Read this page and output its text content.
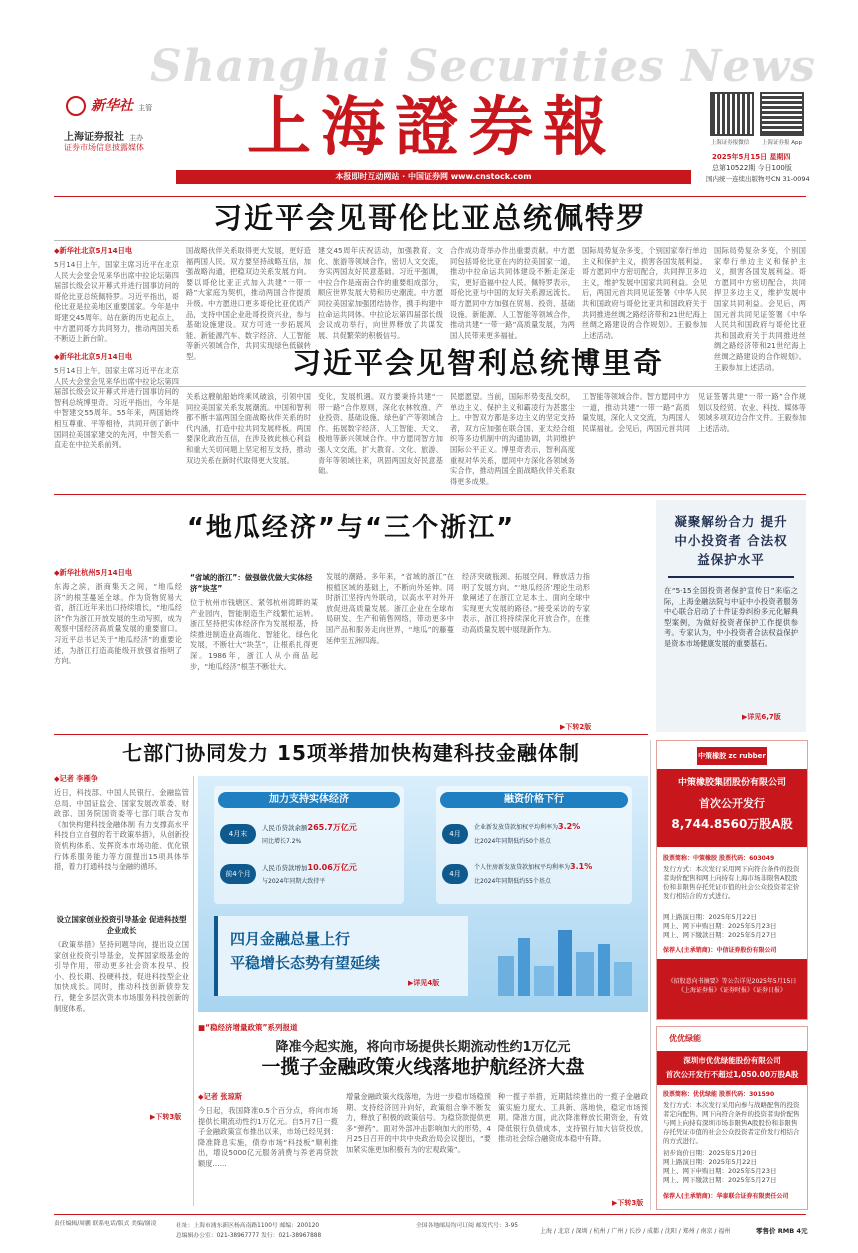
Shanghai Securities News
上海證券報
新华社 主管
上海证券报社 主办
证券市场信息披露媒体	上海证券报微信	上海证券报 App
2025年5月15日 星期四
总第10522期 今日100版
国内统一连续出版物号CN 31-0094
本报即时互动网站 · 中国证券网 www.cnstock.com
习近平会见哥伦比亚总统佩特罗
◆新华社北京5月14日电
5月14日上午，国家主席习近平在北京人民大会堂会见来华出席中拉论坛第四届部长级会议开幕式并进行国事访问的哥伦比亚总统佩特罗。习近平指出，哥伦比亚是拉美地区重要国家。今年是中哥建交45周年。站在新的历史起点上，中方愿同哥方共同努力，推动两国关系不断迈上新台阶。
国战略伙伴关系取得更大发展，更好造福两国人民。双方要坚持战略互信，加强战略沟通，把稳双边关系发展方向。要以哥伦比亚正式加入共建“一带一路”大家庭为契机，推动两国合作提质升级。中方愿进口更多哥伦比亚优质产品，支持中国企业赴哥投资兴业，参与基础设施建设。双方可进一步拓展风能、新能源汽车、数字经济、人工智能等新兴领域合作，共同实现绿色低碳转型。
建交45周年庆祝活动，加强教育、文化、旅游等领域合作，密切人文交流，夯实两国友好民意基础。习近平强调，中拉合作是南南合作的重要组成部分，顺应世界发展大势和历史潮流。中方愿同拉美国家加强团结协作，携手构建中拉命运共同体。中拉论坛第四届部长级会议成功举行，向世界释放了共谋发展、共促繁荣的积极信号。
合作成功奇举办作出重要贡献。中方愿同包括哥伦比亚在内的拉美国家一道，推动中拉命运共同体建设不断走深走实，更好造福中拉人民。佩特罗表示，哥伦比亚与中国的友好关系源远流长。哥方愿同中方加强在贸易、投资、基础设施、新能源、人工智能等领域合作，推动共建“一带一路”高质量发展，为两国人民带来更多福祉。
国际局势复杂多变，个别国家奉行单边主义和保护主义，损害各国发展利益。哥方愿同中方密切配合，共同捍卫多边主义，维护发展中国家共同利益。会见后，两国元首共同见证签署《中华人民共和国政府与哥伦比亚共和国政府关于共同推进丝绸之路经济带和21世纪海上丝绸之路建设的合作规划》。王毅参加上述活动。
国际局势复杂多变，个别国家奉行单边主义和保护主义，损害各国发展利益。哥方愿同中方密切配合，共同捍卫多边主义，维护发展中国家共同利益。会见后，两国元首共同见证签署《中华人民共和国政府与哥伦比亚共和国政府关于共同推进丝绸之路经济带和21世纪海上丝绸之路建设的合作规划》。王毅参加上述活动。
习近平会见智利总统博里奇
◆新华社北京5月14日电
5月14日上午，国家主席习近平在北京人民大会堂会见来华出席中拉论坛第四届部长级会议开幕式并进行国事访问的智利总统博里奇。习近平指出，今年是中智建交55周年。55年来，两国始终相互尊重、平等相待，共同开创了新中国同拉美国家建交的先河，中智关系一直走在中拉关系前列。
关系这艘航船始终乘风破浪，引领中国同拉美国家关系发展潮流。中国和智利都不断丰富两国全面战略伙伴关系的时代内涵，打造中拉共同发展样板。两国要深化政治互信，在涉及彼此核心利益和重大关切问题上坚定相互支持，推动双边关系在新时代取得更大发展。
变化，发展机遇。双方要秉持共建“一带一路”合作原则，深化农林牧渔、产业投资、基础设施、绿色矿产等领域合作。拓展数字经济、人工智能、天文、极地等新兴领域合作。中方愿同智方加强人文交流，扩大教育、文化、旅游、青年等领域往来，巩固两国友好民意基础。
民愿愿望。当前，国际形势变乱交织，单边主义、保护主义和霸凌行为甚嚣尘上。中智双方都是多边主义的坚定支持者，双方应加强在联合国、亚太经合组织等多边机制中的沟通协调，共同维护国际公平正义。博里奇表示，智利高度重视对华关系，愿同中方深化各领域务实合作，推动两国全面战略伙伴关系取得更多成果。
工智能等领域合作。智方愿同中方一道，推动共建“一带一路”高质量发展，深化人文交流，为两国人民谋福祉。会见后，两国元首共同见证签署共建“一带一路”合作规划以及经贸、农业、科技、媒体等领域多项双边合作文件。王毅参加上述活动。
“地瓜经济”与“三个浙江”
◆新华社杭州5月14日电
东海之滨，浙商集天之间，“地瓜经济”的根茎蔓延全球。作为货物贸易大省，浙江近年来出口持续增长，“地瓜经济”作为浙江开放发展的生动写照，成为观察中国经济高质量发展的重要窗口。习近平总书记关于“地瓜经济”的重要论述，为浙江打造高能级开放强省指明了方向。
“省域的浙江”：做强做优做大实体经济“块茎”
位于杭州市钱塘区、紧邻杭州湾畔的某产业园内，智能制造生产线繁忙运转。浙江坚持把实体经济作为发展根基，持续推进制造业高端化、智能化、绿色化发展，不断壮大“块茎”，让根系扎得更深。1986年，浙江人从小商品起步，“地瓜经济”根茎不断壮大。
发展的潮路。多年来，“省域的浙江”在根植区域的基础上，不断向外延伸。同时浙江坚持内外联动，以高水平对外开放促进高质量发展。浙江企业在全球布局研发、生产和销售网络，带动更多中国产品和服务走向世界，“地瓜”的藤蔓延伸至五洲四海。
经济突破瓶颈、拓展空间、释放活力指明了发展方向。“‘地瓜经济’理论生动形象阐述了在浙江立足本土、面向全球中实现更大发展的路径。”接受采访的专家表示，浙江将持续深化开放合作，在推动高质量发展中展现新作为。
▶下转2版
凝聚解纷合力 提升中小投资者 合法权益保护水平
在“5·15全国投资者保护宣传日”来临之际，上海金融法院与中证中小投资者服务中心联合启动了十件证券纠纷多元化解典型案例，为做好投资者保护工作提供参考。专家认为，中小投资者合法权益保护是资本市场健康发展的重要基石。
▶详见6,7版
七部门协同发力 15项举措加快构建科技金融体制
◆记者 李雁争
近日，科技部、中国人民银行、金融监管总局、中国证监会、国家发展改革委、财政部、国务院国资委等七部门联合发布《加快构建科技金融体制 有力支撑高水平科技自立自强的若干政策举措》，从创新投资机构体系、发挥资本市场功能、优化银行体系服务能力等方面提出15项具体举措，着力打通科技与金融的循环。
设立国家创业投资引导基金 促进科技型企业成长
《政策举措》坚持问题导向，提出设立国家创业投资引导基金，发挥国家级基金的引导作用，带动更多社会资本投早、投小、投长期、投硬科技，促进科技型企业加快成长。同时，推动科技创新债券发行，健全多层次资本市场服务科技创新的制度体系。
▶下转3版
加力支持实体经济	融资价格下行
4月末
人民币贷款余额265.7万亿元
同比增长7.2%
前4个月
人民币贷款增加10.06万亿元
与2024年同期大致持平
4月
企业新发放贷款加权平均利率为3.2%
比2024年同期低约50个基点
4月
个人住房新发放贷款加权平均利率为3.1%
比2024年同期低约55个基点
四月金融总量上行
平稳增长态势有望延续
▶详见4版
■“稳经济增量政策”系列报道
降准今起实施，将向市场提供长期流动性约1万亿元
一揽子金融政策火线落地护航经济大盘
◆记者 张琼斯
今日起，我国降准0.5个百分点，将向市场提供长期流动性约1万亿元。自5月7日一揽子金融政策宣布推出以来，市场已经见到：降准降息实施，债券市场“科技板”顺利推出，增设5000亿元服务消费与养老再贷款额度……
增量金融政策火线落地，为进一步稳市场稳预期、支持经济回升向好，政策组合拳不断发力，释放了积极的政策信号。为稳贷款提供更多“弹药”。面对外部冲击影响加大的形势，4月25日召开的中共中央政治局会议提出，“要加紧实施更加积极有为的宏观政策”。
种一揽子举措，近期陆续推出的一揽子金融政策实施力度大、工具新、落地快，稳定市场预期。降准方面，此次降准释放长期资金，有效降低银行负债成本，支持银行加大信贷投放，推动社会综合融资成本稳中有降。
▶下转3版
中策橡胶 zc rubber
中策橡胶集团股份有限公司
首次公开发行
8,744.8560万股A股
股票简称：中策橡胶 股票代码：603049
发行方式：本次发行采用网下向符合条件的投资者询价配售和网上向持有上海市场非限售A股股份和非限售存托凭证市值的社会公众投资者定价发行相结合的方式进行。
网上路演日期：2025年5月22日
网上、网下申购日期：2025年5月23日
网上、网下缴款日期：2025年5月27日
保荐人(主承销商)：中信证券股份有限公司
《招股意向书摘要》等公告详见2025年5月15日《上海证券报》《证券时报》《证券日报》
优优绿能
深圳市优优绿能股份有限公司
首次公开发行不超过1,050.00万股A股
股票简称：优优绿能 股票代码：301590
发行方式：本次发行采用向参与战略配售的投资者定向配售、网下向符合条件的投资者询价配售与网上向持有深圳市场非限售A股股份和非限售存托凭证市值的社会公众投资者定价发行相结合的方式进行。
初步询价日期：2025年5月20日
网上路演日期：2025年5月22日
网上、网下申购日期：2025年5月23日
网上、网下缴款日期：2025年5月27日
保荐人(主承销商)：华泰联合证券有限责任公司
责任编辑/周鹏 联系电话/版式 美编/谢凌	社址：上海市浦东新区杨高南路1100号 邮编：200120
总编辑办公室：021-38967777 发行：021-38967888
全国各地邮局均可订阅 邮发代号：3-95
上海 / 北京 / 深圳 / 杭州 / 广州 / 长沙 / 成都 / 沈阳 / 郑州 / 南京 / 福州	零售价 RMB 4元
